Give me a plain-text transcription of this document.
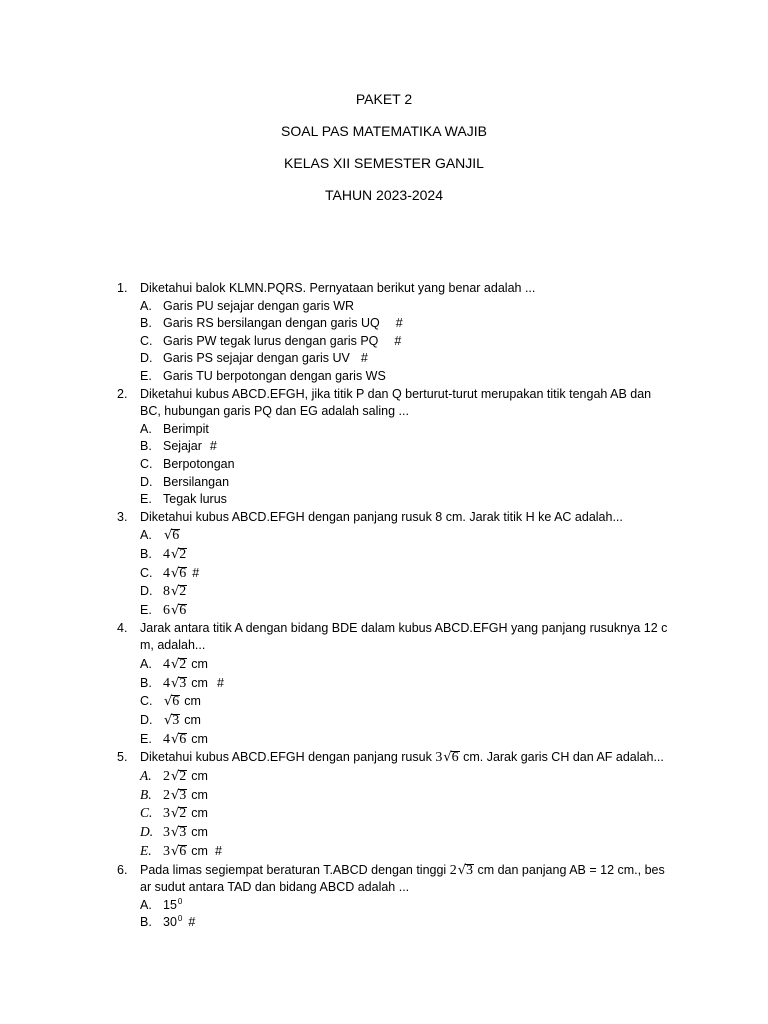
PAKET 2
SOAL PAS MATEMATIKA WAJIB
KELAS XII SEMESTER GANJIL
TAHUN 2023-2024
1. Diketahui balok KLMN.PQRS. Pernyataan berikut yang benar adalah ...
A. Garis PU sejajar dengan garis WR
B. Garis RS bersilangan dengan garis UQ #
C. Garis PW tegak lurus dengan garis PQ #
D. Garis PS sejajar dengan garis UV #
E. Garis TU berpotongan dengan garis WS
2. Diketahui kubus ABCD.EFGH, jika titik P dan Q berturut-turut merupakan titik tengah AB dan
BC, hubungan garis PQ dan EG adalah saling ...
A. Berimpit
B. Sejajar #
C. Berpotongan
D. Bersilangan
E. Tegak lurus
3. Diketahui kubus ABCD.EFGH dengan panjang rusuk 8 cm. Jarak titik H ke AC adalah...
A. √6
B. 4√2
C. 4√6 #
D. 8√2
E. 6√6
4. Jarak antara titik A dengan bidang BDE dalam kubus ABCD.EFGH yang panjang rusuknya 12 c
m, adalah...
A. 4√2 cm
B. 4√3 cm #
C. √6 cm
D. √3 cm
E. 4√6 cm
5. Diketahui kubus ABCD.EFGH dengan panjang rusuk 3√6 cm. Jarak garis CH dan AF adalah...
A. 2√2 cm
B. 2√3 cm
C. 3√2 cm
D. 3√3 cm
E. 3√6 cm #
6. Pada limas segiempat beraturan T.ABCD dengan tinggi 2√3 cm dan panjang AB = 12 cm., bes
ar sudut antara TAD dan bidang ABCD adalah ...
A. $15^0$
B. $30^0$ #
